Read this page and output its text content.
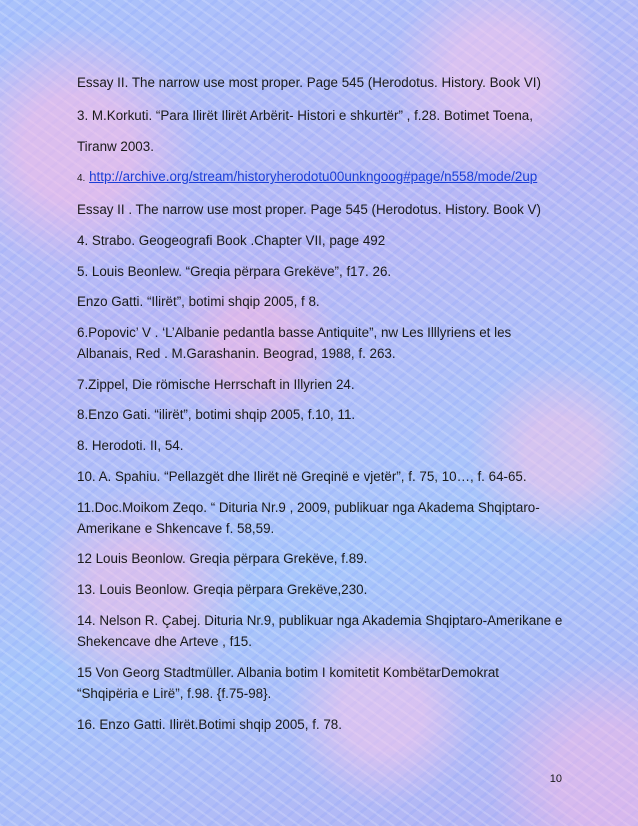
Essay II. The narrow use most proper. Page 545 (Herodotus. History. Book VI)
3. M.Korkuti. “Para Ilirët Ilirët Arbërit- Histori e shkurtër” , f.28. Botimet Toena,
Tiranw 2003.
4. http://archive.org/stream/historyherodotu00unkngoog#page/n558/mode/2up
Essay II . The narrow use most proper. Page 545 (Herodotus. History. Book V)
4. Strabo. Geogeografi Book .Chapter VII, page 492
5. Louis Beonlew. “Greqia përpara Grekëve”, f17. 26.
Enzo Gatti. “Ilirët”, botimi shqip 2005, f 8.
6.Popovic’ V . ‘L’Albanie pedantla basse Antiquite”, nw Les Illlyriens et les
Albanais, Red . M.Garashanin. Beograd, 1988, f. 263.
7.Zippel, Die römische Herrschaft in Illyrien 24.
8.Enzo Gati. “ilirët”, botimi shqip 2005, f.10, 11.
8. Herodoti. II, 54.
10. A. Spahiu. “Pellazgët dhe Ilirët në Greqinë e vjetër”, f. 75, 10…, f. 64-65.
11.Doc.Moikom Zeqo. “ Dituria Nr.9 , 2009, publikuar nga Akadema Shqiptaro-
Amerikane e Shkencave f. 58,59.
12 Louis Beonlow. Greqia përpara Grekëve, f.89.
13. Louis Beonlow. Greqia përpara Grekëve,230.
14. Nelson R. Çabej. Dituria Nr.9, publikuar nga Akademia Shqiptaro-Amerikane e
Shekencave dhe Arteve , f15.
15 Von Georg Stadtmüller. Albania botim I komitetit KombëtarDemokrat
“Shqipëria e Lirë”, f.98. {f.75-98}.
16. Enzo Gatti. Ilirët.Botimi shqip 2005, f. 78.
10
